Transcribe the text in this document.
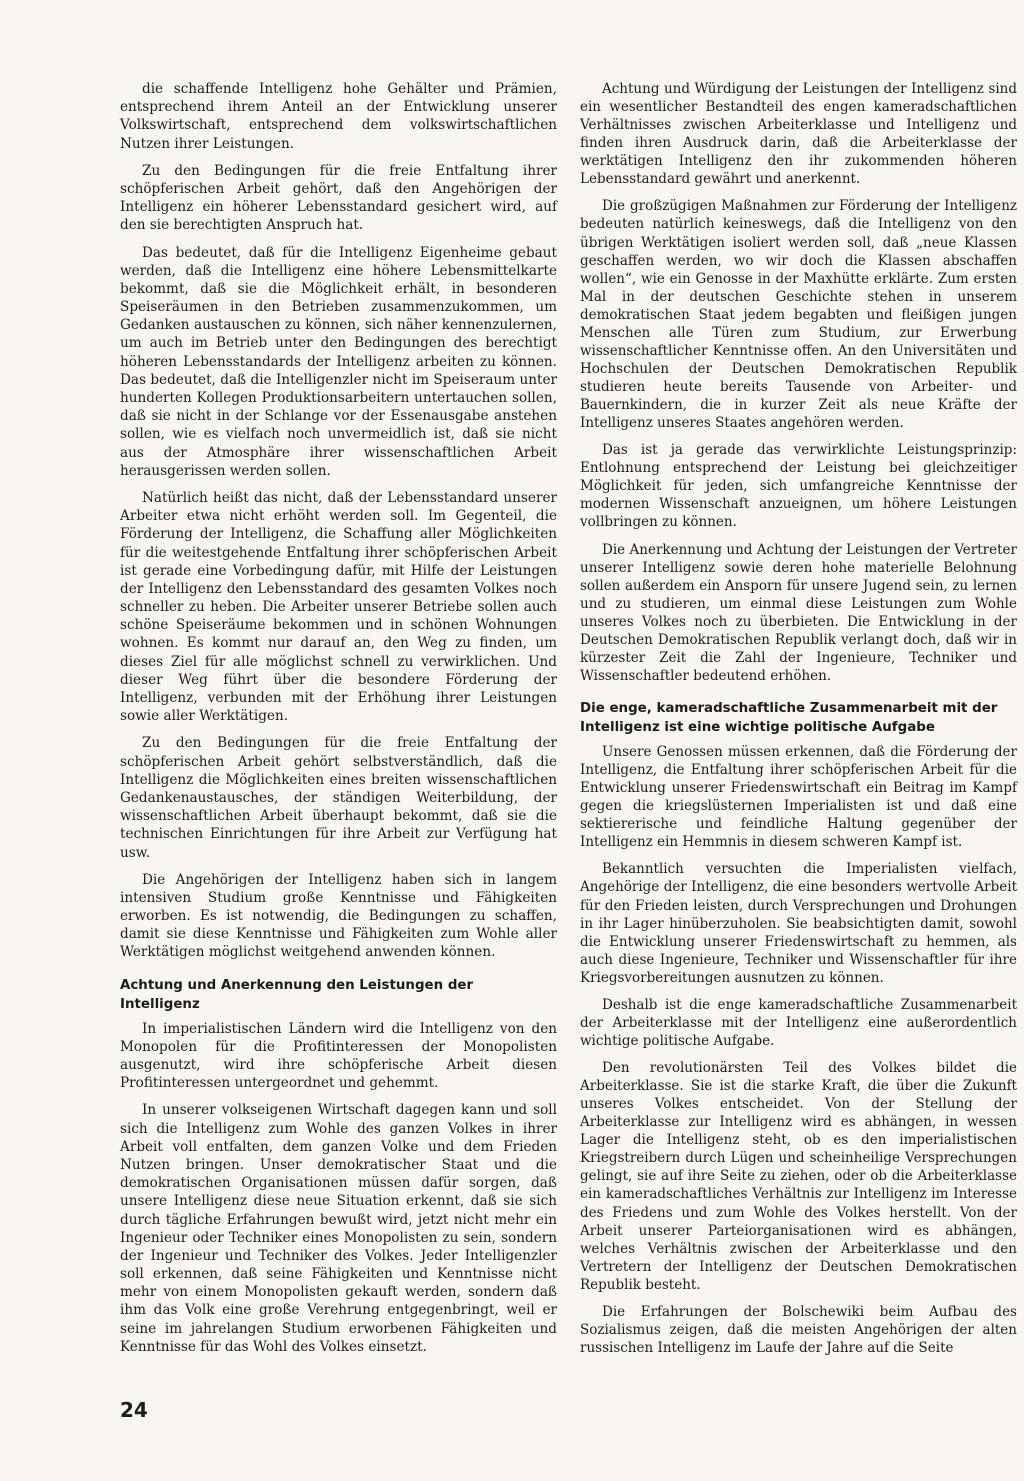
die schaffende Intelligenz hohe Gehälter und Prämien, entsprechend ihrem Anteil an der Entwicklung unserer Volkswirtschaft, entsprechend dem volkswirtschaftlichen Nutzen ihrer Leistungen.

Zu den Bedingungen für die freie Entfaltung ihrer schöpferischen Arbeit gehört, daß den Angehörigen der Intelligenz ein höherer Lebensstandard gesichert wird, auf den sie berechtigten Anspruch hat.

Das bedeutet, daß für die Intelligenz Eigenheime gebaut werden, daß die Intelligenz eine höhere Lebensmittelkarte bekommt, daß sie die Möglichkeit erhält, in besonderen Speiseräumen in den Betrieben zusammenzukommen, um Gedanken austauschen zu können, sich näher kennenzulernen, um auch im Betrieb unter den Bedingungen des berechtigt höheren Lebensstandards der Intelligenz arbeiten zu können. Das bedeutet, daß die Intelligenzler nicht im Speiseraum unter hunderten Kollegen Produktionsarbeitern untertauchen sollen, daß sie nicht in der Schlange vor der Essenausgabe anstehen sollen, wie es vielfach noch unvermeidlich ist, daß sie nicht aus der Atmosphäre ihrer wissenschaftlichen Arbeit herausgerissen werden sollen.

Natürlich heißt das nicht, daß der Lebensstandard unserer Arbeiter etwa nicht erhöht werden soll. Im Gegenteil, die Förderung der Intelligenz, die Schaffung aller Möglichkeiten für die weitestgehende Entfaltung ihrer schöpferischen Arbeit ist gerade eine Vorbedingung dafür, mit Hilfe der Leistungen der Intelligenz den Lebensstandard des gesamten Volkes noch schneller zu heben. Die Arbeiter unserer Betriebe sollen auch schöne Speiseräume bekommen und in schönen Wohnungen wohnen. Es kommt nur darauf an, den Weg zu finden, um dieses Ziel für alle möglichst schnell zu verwirklichen. Und dieser Weg führt über die besondere Förderung der Intelligenz, verbunden mit der Erhöhung ihrer Leistungen sowie aller Werktätigen.

Zu den Bedingungen für die freie Entfaltung der schöpferischen Arbeit gehört selbstverständlich, daß die Intelligenz die Möglichkeiten eines breiten wissenschaftlichen Gedankenaustausches, der ständigen Weiterbildung, der wissenschaftlichen Arbeit überhaupt bekommt, daß sie die technischen Einrichtungen für ihre Arbeit zur Verfügung hat usw.

Die Angehörigen der Intelligenz haben sich in langem intensiven Studium große Kenntnisse und Fähigkeiten erworben. Es ist notwendig, die Bedingungen zu schaffen, damit sie diese Kenntnisse und Fähigkeiten zum Wohle aller Werktätigen möglichst weitgehend anwenden können.

Achtung und Anerkennung den Leistungen der Intelligenz

In imperialistischen Ländern wird die Intelligenz von den Monopolen für die Profitinteressen der Monopolisten ausgenutzt, wird ihre schöpferische Arbeit diesen Profitinteressen untergeordnet und gehemmt.

In unserer volkseigenen Wirtschaft dagegen kann und soll sich die Intelligenz zum Wohle des ganzen Volkes in ihrer Arbeit voll entfalten, dem ganzen Volke und dem Frieden Nutzen bringen. Unser demokratischer Staat und die demokratischen Organisationen müssen dafür sorgen, daß unsere Intelligenz diese neue Situation erkennt, daß sie sich durch tägliche Erfahrungen bewußt wird, jetzt nicht mehr ein Ingenieur oder Techniker eines Monopolisten zu sein, sondern der Ingenieur und Techniker des Volkes. Jeder Intelligenzler soll erkennen, daß seine Fähigkeiten und Kenntnisse nicht mehr von einem Monopolisten gekauft werden, sondern daß ihm das Volk eine große Verehrung entgegenbringt, weil er seine im jahrelangen Studium erworbenen Fähigkeiten und Kenntnisse für das Wohl des Volkes einsetzt.

Achtung und Würdigung der Leistungen der Intelligenz sind ein wesentlicher Bestandteil des engen kameradschaftlichen Verhältnisses zwischen Arbeiterklasse und Intelligenz und finden ihren Ausdruck darin, daß die Arbeiterklasse der werktätigen Intelligenz den ihr zukommenden höheren Lebensstandard gewährt und anerkennt.

Die großzügigen Maßnahmen zur Förderung der Intelligenz bedeuten natürlich keineswegs, daß die Intelligenz von den übrigen Werktätigen isoliert werden soll, daß „neue Klassen geschaffen werden, wo wir doch die Klassen abschaffen wollen“, wie ein Genosse in der Maxhütte erklärte. Zum ersten Mal in der deutschen Geschichte stehen in unserem demokratischen Staat jedem begabten und fleißigen jungen Menschen alle Türen zum Studium, zur Erwerbung wissenschaftlicher Kenntnisse offen. An den Universitäten und Hochschulen der Deutschen Demokratischen Republik studieren heute bereits Tausende von Arbeiter- und Bauernkindern, die in kurzer Zeit als neue Kräfte der Intelligenz unseres Staates angehören werden.

Das ist ja gerade das verwirklichte Leistungsprinzip: Entlohnung entsprechend der Leistung bei gleichzeitiger Möglichkeit für jeden, sich umfangreiche Kenntnisse der modernen Wissenschaft anzueignen, um höhere Leistungen vollbringen zu können.

Die Anerkennung und Achtung der Leistungen der Vertreter unserer Intelligenz sowie deren hohe materielle Belohnung sollen außerdem ein Ansporn für unsere Jugend sein, zu lernen und zu studieren, um einmal diese Leistungen zum Wohle unseres Volkes noch zu überbieten. Die Entwicklung in der Deutschen Demokratischen Republik verlangt doch, daß wir in kürzester Zeit die Zahl der Ingenieure, Techniker und Wissenschaftler bedeutend erhöhen.

Die enge, kameradschaftliche Zusammenarbeit mit der Intelligenz ist eine wichtige politische Aufgabe

Unsere Genossen müssen erkennen, daß die Förderung der Intelligenz, die Entfaltung ihrer schöpferischen Arbeit für die Entwicklung unserer Friedenswirtschaft ein Beitrag im Kampf gegen die kriegslüsternen Imperialisten ist und daß eine sektiererische und feindliche Haltung gegenüber der Intelligenz ein Hemmnis in diesem schweren Kampf ist.

Bekanntlich versuchten die Imperialisten vielfach, Angehörige der Intelligenz, die eine besonders wertvolle Arbeit für den Frieden leisten, durch Versprechungen und Drohungen in ihr Lager hinüberzuholen. Sie beabsichtigten damit, sowohl die Entwicklung unserer Friedenswirtschaft zu hemmen, als auch diese Ingenieure, Techniker und Wissenschaftler für ihre Kriegsvorbereitungen ausnutzen zu können.

Deshalb ist die enge kameradschaftliche Zusammenarbeit der Arbeiterklasse mit der Intelligenz eine außerordentlich wichtige politische Aufgabe.

Den revolutionärsten Teil des Volkes bildet die Arbeiterklasse. Sie ist die starke Kraft, die über die Zukunft unseres Volkes entscheidet. Von der Stellung der Arbeiterklasse zur Intelligenz wird es abhängen, in wessen Lager die Intelligenz steht, ob es den imperialistischen Kriegstreibern durch Lügen und scheinheilige Versprechungen gelingt, sie auf ihre Seite zu ziehen, oder ob die Arbeiterklasse ein kameradschaftliches Verhältnis zur Intelligenz im Interesse des Friedens und zum Wohle des Volkes herstellt. Von der Arbeit unserer Parteiorganisationen wird es abhängen, welches Verhältnis zwischen der Arbeiterklasse und den Vertretern der Intelligenz der Deutschen Demokratischen Republik besteht.

Die Erfahrungen der Bolschewiki beim Aufbau des Sozialismus zeigen, daß die meisten Angehörigen der alten russischen Intelligenz im Laufe der Jahre auf die Seite

24
